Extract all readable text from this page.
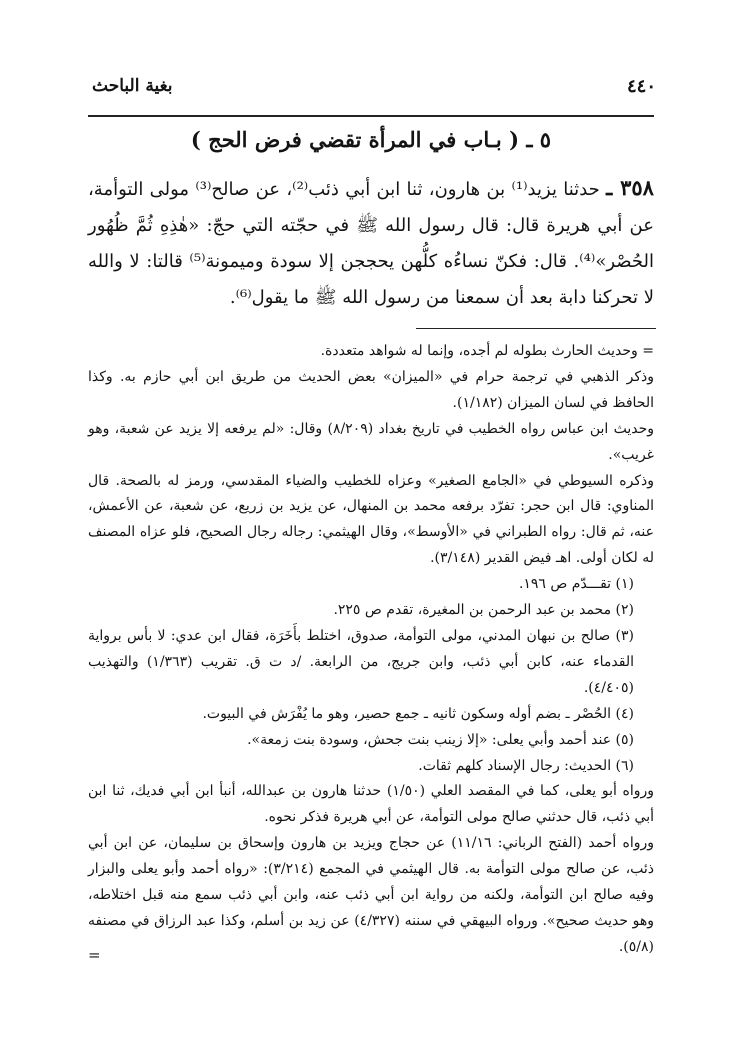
٤٤٠
بغية الباحث
٥ ـ ( بـاب في المرأة تقضي فرض الحج )

٣٥٨ ـ حدثنا يزيد⁽¹⁾ بن هارون، ثنا ابن أبي ذئب⁽²⁾، عن صالح⁽³⁾ مولى التوأمة، عن أبي هريرة قال: قال رسول الله ﷺ في حجّته التي حجّ: «هٰذِهِ ثُمَّ ظُهُور الحُصْر»⁽⁴⁾. قال: فكنّ نساءُه كلُّهن يحججن إلا سودة وميمونة⁽⁵⁾ قالتا: لا والله لا تحركنا دابة بعد أن سمعنا من رسول الله ﷺ ما يقول⁽⁶⁾.

= وحديث الحارث بطوله لم أجده، وإنما له شواهد متعددة.

وذكر الذهبي في ترجمة حرام في «الميزان» بعض الحديث من طريق ابن أبي حازم به. وكذا الحافظ في لسان الميزان (١/١٨٢).

وحديث ابن عباس رواه الخطيب في تاريخ بغداد (٨/٢٠٩) وقال: «لم يرفعه إلا يزيد عن شعبة، وهو غريب».

وذكره السيوطي في «الجامع الصغير» وعزاه للخطيب والضياء المقدسي، ورمز له بالصحة. قال المناوي: قال ابن حجر: تفرّد برفعه محمد بن المنهال، عن يزيد بن زريع، عن شعبة، عن الأعمش، عنه، ثم قال: رواه الطبراني في «الأوسط»، وقال الهيثمي: رجاله رجال الصحيح، فلو عزاه المصنف له لكان أولى. اهـ فيض القدير (٣/١٤٨).

(١) تقـــدّم ص ١٩٦.

(٢) محمد بن عبد الرحمن بن المغيرة، تقدم ص ٢٢٥.

(٣) صالح بن نبهان المدني، مولى التوأمة، صدوق، اختلط بأَخَرَة، فقال ابن عدي: لا بأس برواية القدماء عنه، كابن أبي ذئب، وابن جريج، من الرابعة. /د ت ق. تقريب (١/٣٦٣) والتهذيب (٤/٤٠٥).

(٤) الحُصْر ـ بضم أوله وسكون ثانيه ـ جمع حصير، وهو ما يُفْرَش في البيوت.

(٥) عند أحمد وأبي يعلى: «إلا زينب بنت جحش، وسودة بنت زمعة».

(٦) الحديث: رجال الإسناد كلهم ثقات.

ورواه أبو يعلى، كما في المقصد العلي (١/٥٠) حدثنا هارون بن عبدالله، أنبأ ابن أبي فديك، ثنا ابن أبي ذئب، قال حدثني صالح مولى التوأمة، عن أبي هريرة فذكر نحوه.

ورواه أحمد (الفتح الرباني: ١١/١٦) عن حجاج ويزيد بن هارون وإسحاق بن سليمان، عن ابن أبي ذئب، عن صالح مولى التوأمة به. قال الهيثمي في المجمع (٣/٢١٤): «رواه أحمد وأبو يعلى والبزار وفيه صالح ابن التوأمة، ولكنه من رواية ابن أبي ذئب عنه، وابن أبي ذئب سمع منه قبل اختلاطه، وهو حديث صحيح». ورواه البيهقي في سننه (٤/٣٢٧) عن زيد بن أسلم، وكذا عبد الرزاق في مصنفه (٥/٨).

=
